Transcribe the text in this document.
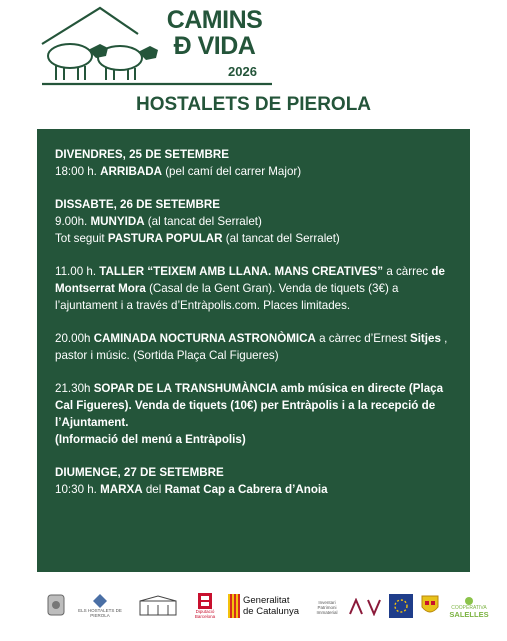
CAMINS
Đ VIDA
2026
HOSTALETS DE PIEROLA

DIVENDRES, 25 DE SETEMBRE

18:00 h. ARRIBADA (pel camí del carrer Major)

DISSABTE, 26 DE SETEMBRE

9.00h. MUNYIDA (al tancat del Serralet)

Tot seguit PASTURA POPULAR (al tancat del Serralet)

11.00 h. TALLER “TEIXEM AMB LLANA. MANS CREATIVES” a càrrec de Montserrat Mora (Casal de la Gent Gran). Venda de tiquets (3€) a l’ajuntament i a través d’Entràpolis.com. Places limitades.

20.00h CAMINADA NOCTURNA ASTRONÒMICA a càrrec d’Ernest Sitjes , pastor i músic. (Sortida Plaça Cal Figueres)

21.30h SOPAR DE LA TRANSHUMÀNCIA amb música en directe (Plaça Cal Figueres). Venda de tiquets (10€) per Entràpolis i a la recepció de l’Ajuntament.

(Informació del menú a Entràpolis)

DIUMENGE, 27 DE SETEMBRE

10:30 h. MARXA del Ramat Cap a Cabrera d’Anoia

ELS HOSTALETS DE PIEROLA
Diputació Barcelona
Generalitat
de Catalunya
Inventari Patrimoni Immaterial
COOPERATIVA
SALELLES
